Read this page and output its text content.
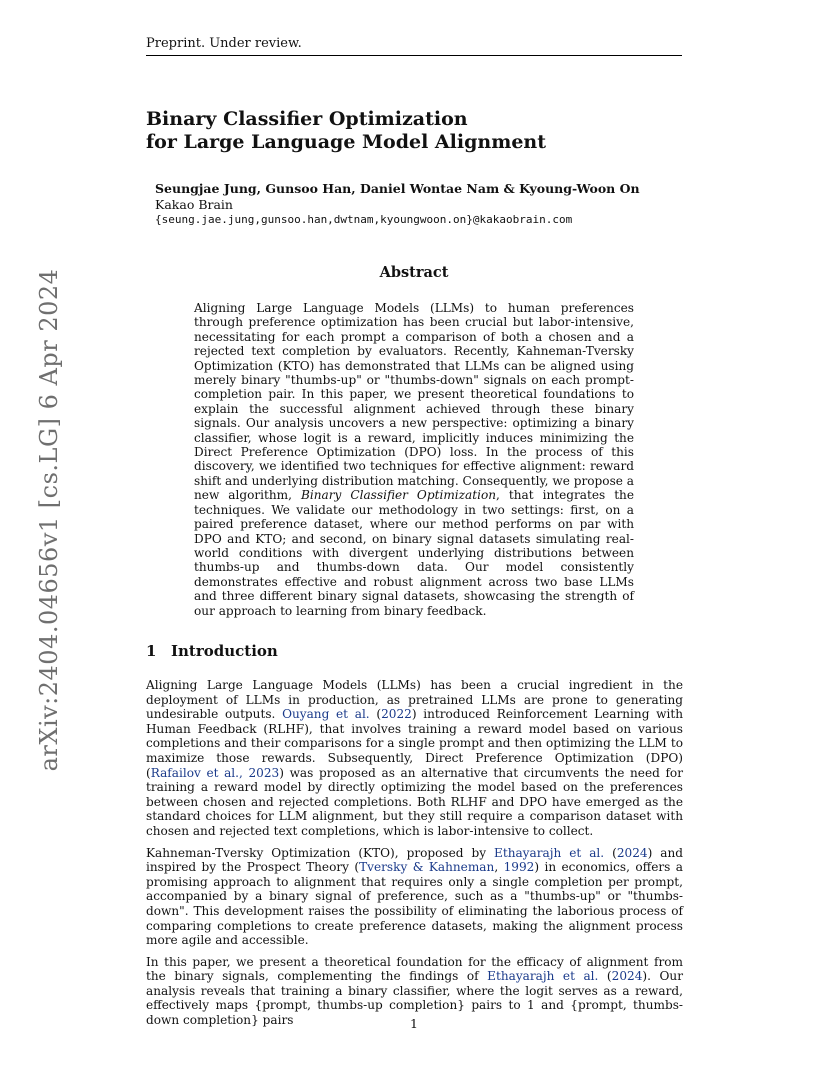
Preprint. Under review.
arXiv:2404.04656v1 [cs.LG] 6 Apr 2024
Binary Classifier Optimization
for Large Language Model Alignment
Seungjae Jung, Gunsoo Han, Daniel Wontae Nam & Kyoung-Woon On
Kakao Brain
{seung.jae.jung,gunsoo.han,dwtnam,kyoungwoon.on}@kakaobrain.com
Abstract

Aligning Large Language Models (LLMs) to human preferences through preference optimization has been crucial but labor-intensive, necessitating for each prompt a comparison of both a chosen and a rejected text completion by evaluators. Recently, Kahneman-Tversky Optimization (KTO) has demonstrated that LLMs can be aligned using merely binary "thumbs-up" or "thumbs-down" signals on each prompt-completion pair. In this paper, we present theoretical foundations to explain the successful alignment achieved through these binary signals. Our analysis uncovers a new perspective: optimizing a binary classifier, whose logit is a reward, implicitly induces minimizing the Direct Preference Optimization (DPO) loss. In the process of this discovery, we identified two techniques for effective alignment: reward shift and underlying distribution matching. Consequently, we propose a new algorithm, Binary Classifier Optimization, that integrates the techniques. We validate our methodology in two settings: first, on a paired preference dataset, where our method performs on par with DPO and KTO; and second, on binary signal datasets simulating real-world conditions with divergent underlying distributions between thumbs-up and thumbs-down data. Our model consistently demonstrates effective and robust alignment across two base LLMs and three different binary signal datasets, showcasing the strength of our approach to learning from binary feedback.

1 Introduction

Aligning Large Language Models (LLMs) has been a crucial ingredient in the deployment of LLMs in production, as pretrained LLMs are prone to generating undesirable outputs. Ouyang et al. (2022) introduced Reinforcement Learning with Human Feedback (RLHF), that involves training a reward model based on various completions and their comparisons for a single prompt and then optimizing the LLM to maximize those rewards. Subsequently, Direct Preference Optimization (DPO) (Rafailov et al., 2023) was proposed as an alternative that circumvents the need for training a reward model by directly optimizing the model based on the preferences between chosen and rejected completions. Both RLHF and DPO have emerged as the standard choices for LLM alignment, but they still require a comparison dataset with chosen and rejected text completions, which is labor-intensive to collect.

Kahneman-Tversky Optimization (KTO), proposed by Ethayarajh et al. (2024) and inspired by the Prospect Theory (Tversky & Kahneman, 1992) in economics, offers a promising approach to alignment that requires only a single completion per prompt, accompanied by a binary signal of preference, such as a "thumbs-up" or "thumbs-down". This development raises the possibility of eliminating the laborious process of comparing completions to create preference datasets, making the alignment process more agile and accessible.

In this paper, we present a theoretical foundation for the efficacy of alignment from the binary signals, complementing the findings of Ethayarajh et al. (2024). Our analysis reveals that training a binary classifier, where the logit serves as a reward, effectively maps {prompt, thumbs-up completion} pairs to 1 and {prompt, thumbs-down completion} pairs	1
